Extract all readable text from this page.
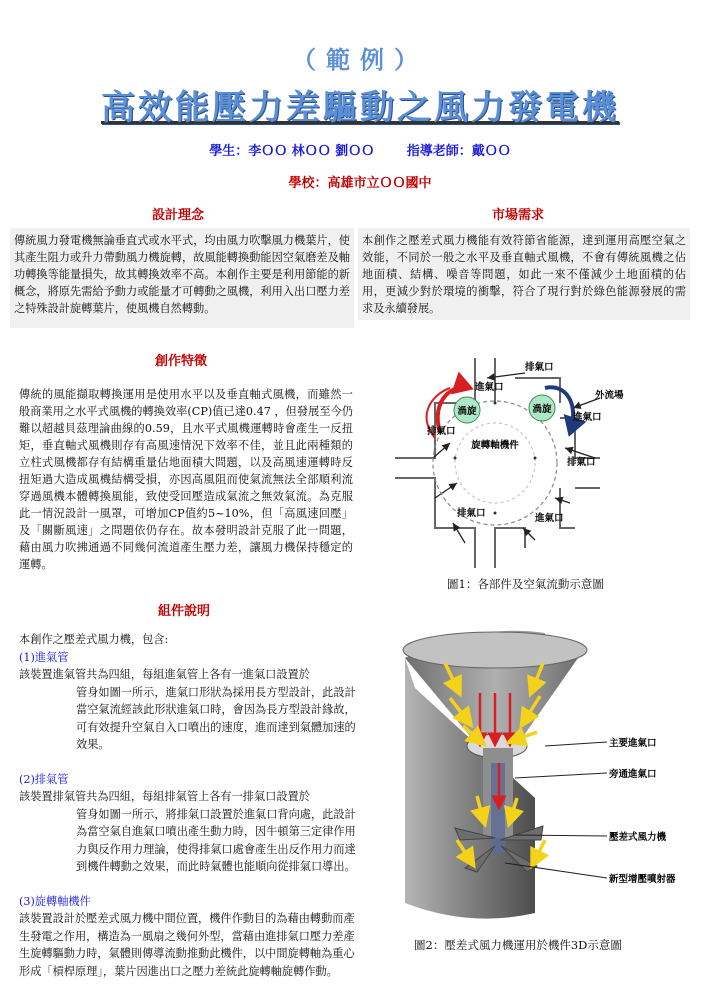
（範例）
高效能壓力差驅動之風力發電機
學生：李ＯＯ 林ＯＯ 劉ＯＯ	指導老師：戴ＯＯ
學校：高雄市立ＯＯ國中
設計理念
傳統風力發電機無論垂直式或水平式，均由風力吹擊風力機葉片，使其產生阻力或升力帶動風力機旋轉，故風能轉換動能因空氣磨差及軸功轉換等能量損失，故其轉換效率不高。本創作主要是利用節能的新概念，將原先需給予動力或能量才可轉動之風機，利用入出口壓力差之特殊設計旋轉葉片，使風機自然轉動。
市場需求
本創作之壓差式風力機能有效符節省能源，達到運用高壓空氣之效能，不同於一般之水平及垂直軸式風機，不會有傳統風機之佔地面積、結構、噪音等問題，如此一來不僅減少土地面積的佔用，更減少對於環境的衝擊，符合了現行對於綠色能源發展的需求及永續發展。
創作特徵
傳統的風能擷取轉換運用是使用水平以及垂直軸式風機，而雖然一般商業用之水平式風機的轉換效率(CP)值已達0.47 ，但發展至今仍難以超越貝茲理論曲線的0.59，且水平式風機運轉時會產生一反扭矩，垂直軸式風機則存有高風速情況下效率不佳，並且此兩種類的立柱式風機都存有結構重量佔地面積大問題，以及高風速運轉時反扭矩過大造成風機結構受損，亦因高風阻而使氣流無法全部順利流穿過風機本體轉換風能，致使受回壓造成氣流之無效氣流。為克服此一情況設計一風罩，可增加CP值約5~10%，但「高風速回壓」及「關斷風速」之問題依仍存在。故本發明設計克服了此一問題，藉由風力吹拂通過不同幾何流道產生壓力差，讓風力機保持穩定的運轉。
渦旋	渦旋
排氣口
進氣口
外流場
進氣口
排氣口
旋轉軸機件
排氣口
排氣口	進氣口
圖1：各部件及空氣流動示意圖
組件說明
本創作之壓差式風力機，包含:
(1)進氣管
該裝置進氣管共為四組，每組進氣管上各有一進氣口設置於
管身如圖一所示，進氣口形狀為採用長方型設計，此設計當空氣流經該此形狀進氣口時，會因為長方型設計緣故，可有效提升空氣自入口噴出的速度，進而達到氣體加速的效果。
(2)排氣管
該裝置排氣管共為四組，每組排氣管上各有一排氣口設置於
管身如圖一所示，將排氣口設置於進氣口背向處，此設計為當空氣自進氣口噴出產生動力時，因牛頓第三定律作用力與反作用力理論，使得排氣口處會產生出反作用力而達到機件轉動之效果，而此時氣體也能順向從排氣口導出。
(3)旋轉軸機件
該裝置設計於壓差式風力機中間位置，機件作動目的為藉由轉動而產生發電之作用，構造為一風扇之幾何外型，當藉由進排氣口壓力差產生旋轉驅動力時，氣體則傳導流動推動此機件，以中間旋轉軸為重心形成「槓桿原理」，葉片因進出口之壓力差統此旋轉軸旋轉作動。
主要進氣口
旁通進氣口
壓差式風力機
新型增壓噴射器
圖2：壓差式風力機運用於機件3D示意圖
